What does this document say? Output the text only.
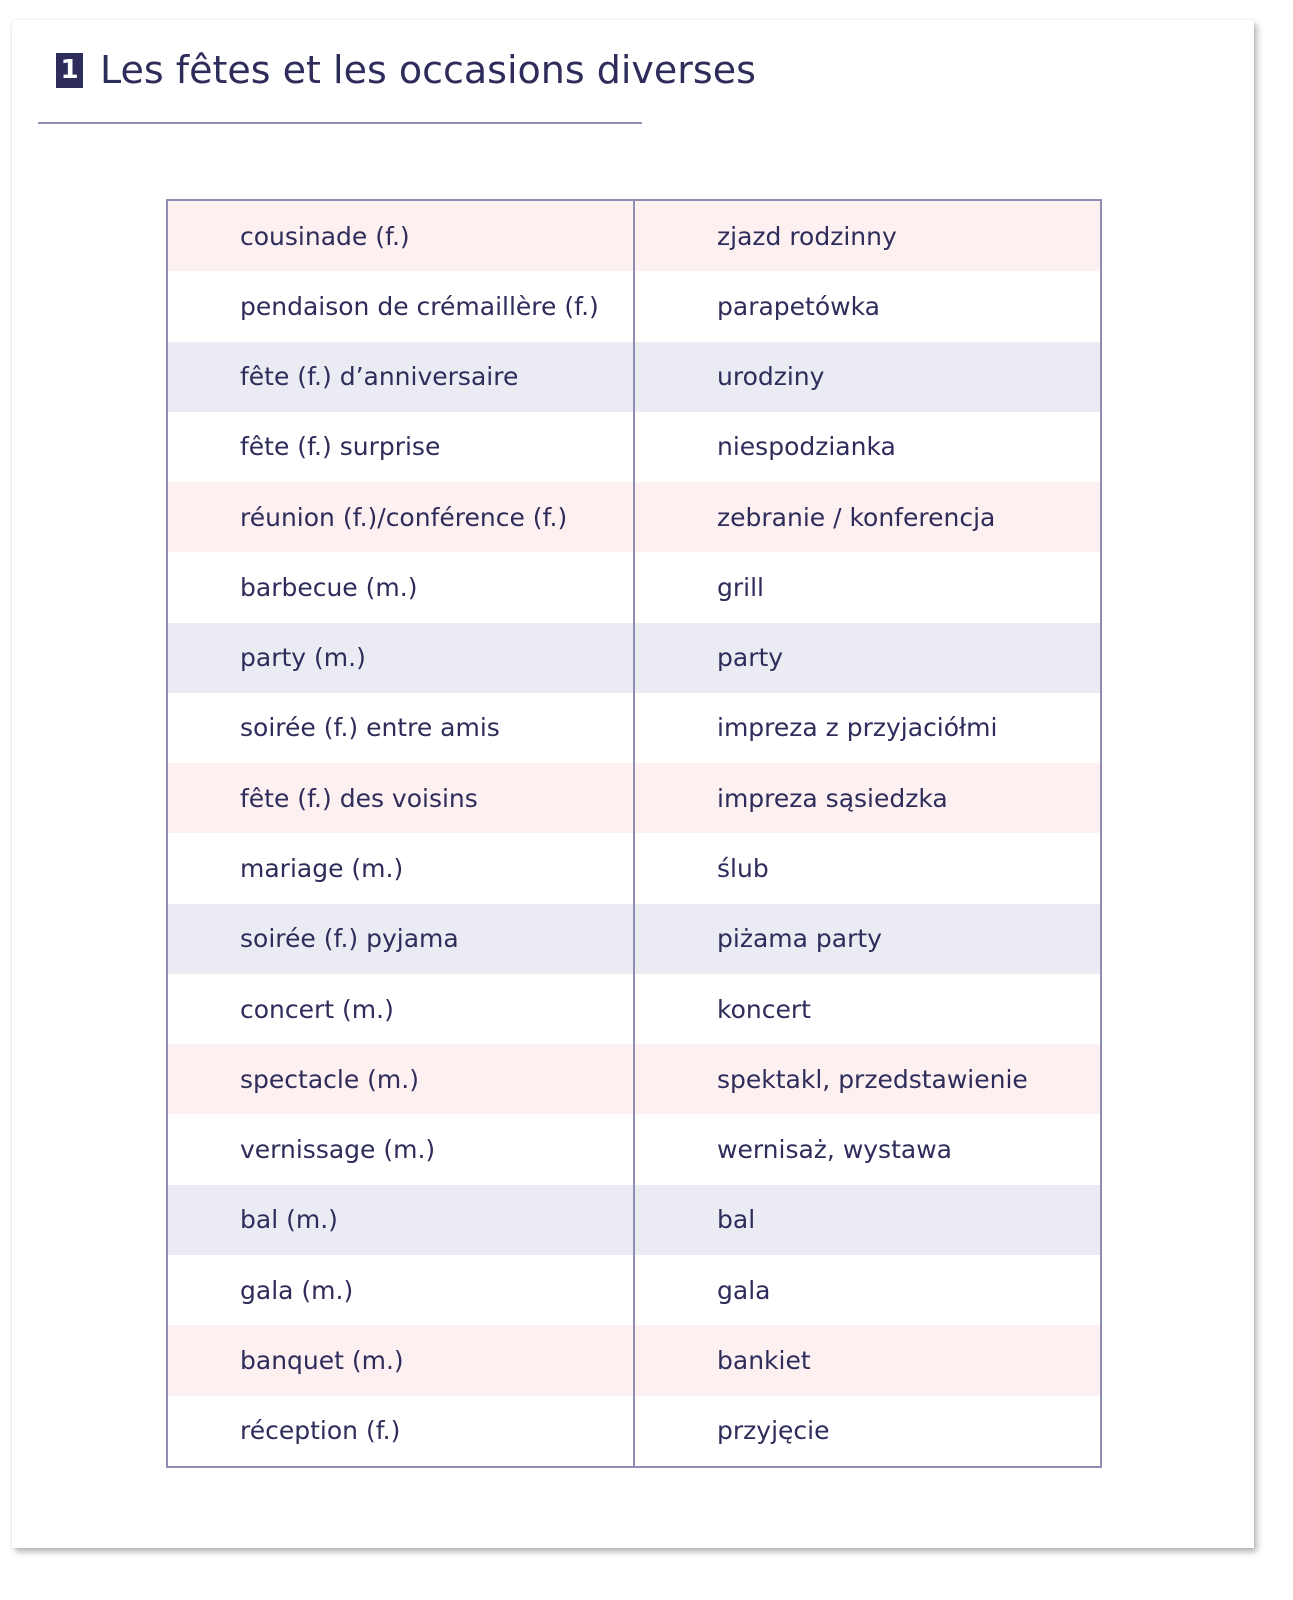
1 Les fêtes et les occasions diverses
cousinade (f.)	zjazd rodzinny
pendaison de crémaillère (f.)	parapetówka
fête (f.) d’anniversaire	urodziny
fête (f.) surprise	niespodzianka
réunion (f.)/conférence (f.)	zebranie / konferencja
barbecue (m.)	grill
party (m.)	party
soirée (f.) entre amis	impreza z przyjaciółmi
fête (f.) des voisins	impreza sąsiedzka
mariage (m.)	ślub
soirée (f.) pyjama	piżama party
concert (m.)	koncert
spectacle (m.)	spektakl, przedstawienie
vernissage (m.)	wernisaż, wystawa
bal (m.)	bal
gala (m.)	gala
banquet (m.)	bankiet
réception (f.)	przyjęcie
